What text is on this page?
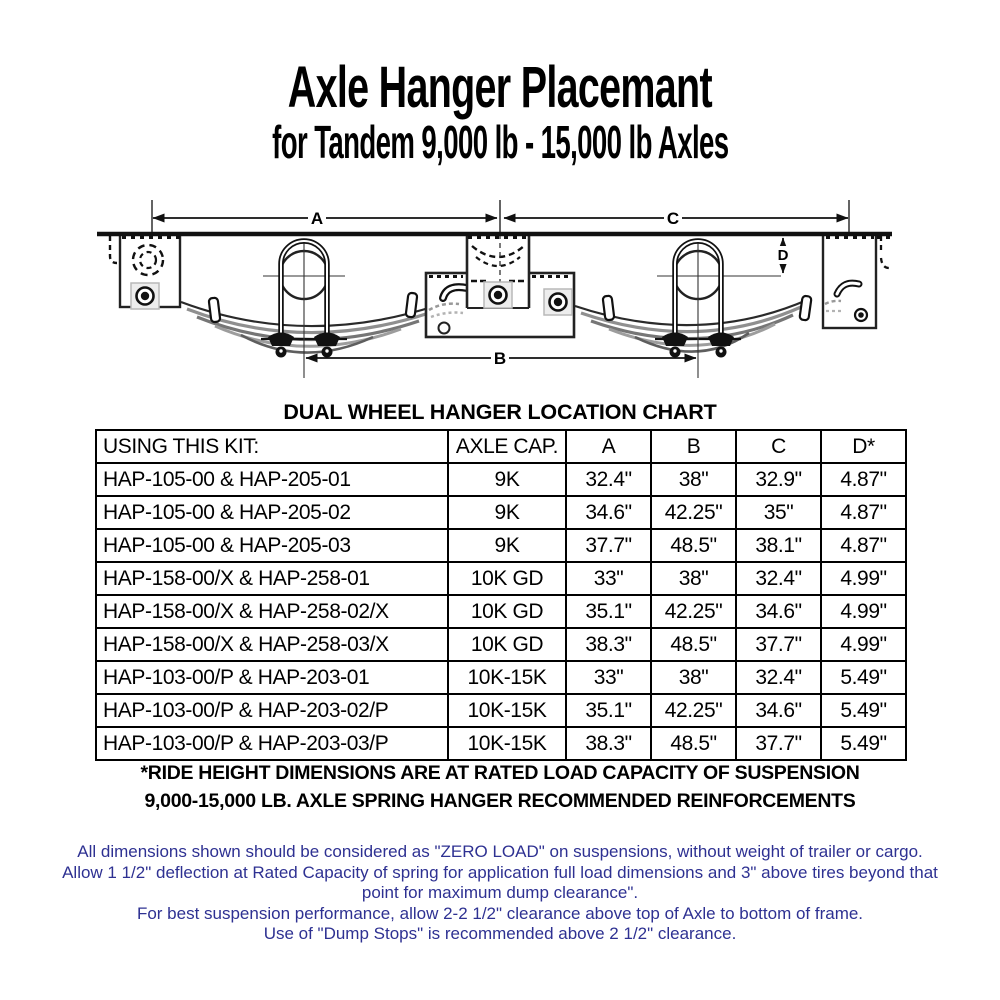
Axle Hanger Placemant
for Tandem 9,000 lb - 15,000 lb Axles
A	C
D
B
DUAL WHEEL HANGER LOCATION CHART
USING THIS KIT:	AXLE CAP.	A	B	C	D*
HAP-105-00 & HAP-205-01	9K	32.4"	38"	32.9"	4.87"
HAP-105-00 & HAP-205-02	9K	34.6"	42.25"	35"	4.87"
HAP-105-00 & HAP-205-03	9K	37.7"	48.5"	38.1"	4.87"
HAP-158-00/X & HAP-258-01	10K GD	33"	38"	32.4"	4.99"
HAP-158-00/X & HAP-258-02/X	10K GD	35.1"	42.25"	34.6"	4.99"
HAP-158-00/X & HAP-258-03/X	10K GD	38.3"	48.5"	37.7"	4.99"
HAP-103-00/P & HAP-203-01	10K-15K	33"	38"	32.4"	5.49"
HAP-103-00/P & HAP-203-02/P	10K-15K	35.1"	42.25"	34.6"	5.49"
HAP-103-00/P & HAP-203-03/P	10K-15K	38.3"	48.5"	37.7"	5.49"
*RIDE HEIGHT DIMENSIONS ARE AT RATED LOAD CAPACITY OF SUSPENSION
9,000-15,000 LB. AXLE SPRING HANGER RECOMMENDED REINFORCEMENTS
All dimensions shown should be considered as "ZERO LOAD" on suspensions, without weight of trailer or cargo.
Allow 1 1/2" deflection at Rated Capacity of spring for application full load dimensions and 3" above tires beyond that
point for maximum dump clearance".
For best suspension performance, allow 2-2 1/2" clearance above top of Axle to bottom of frame.
Use of "Dump Stops" is recommended above 2 1/2" clearance.
